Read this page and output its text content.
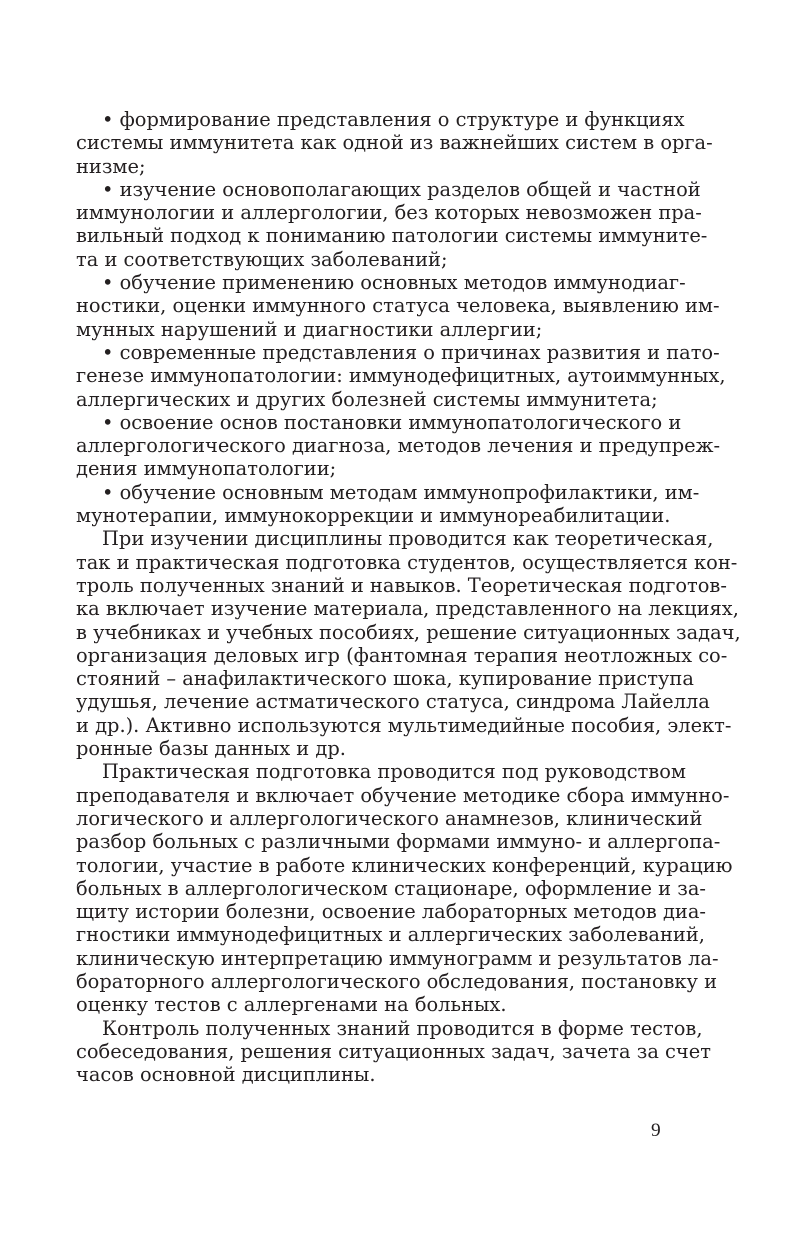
• формирование представления о структуре и функциях
системы иммунитета как одной из важнейших систем в орга-
низме;
• изучение основополагающих разделов общей и частной
иммунологии и аллергологии, без которых невозможен пра-
вильный подход к пониманию патологии системы иммунитe-
та и соответствующих заболеваний;
• обучение применению основных методов иммунодиаг-
ностики, оценки иммунного статуса человека, выявлению им-
мунных нарушений и диагностики аллергии;
• современные представления о причинах развития и пато-
генезе иммунопатологии: иммунодефицитных, аутоиммунных,
аллергических и других болезней системы иммунитета;
• освоение основ постановки иммунопатологического и
аллергологического диагноза, методов лечения и предупреж-
дения иммунопатологии;
• обучение основным методам иммунопрофилактики, им-
мунотерапии, иммунокоррекции и иммунореабилитации.
При изучении дисциплины проводится как теоретическая,
так и практическая подготовка студентов, осуществляется кон-
троль полученных знаний и навыков. Теоретическая подготов-
ка включает изучение материала, представленного на лекциях,
в учебниках и учебных пособиях, решение ситуационных задач,
организация деловых игр (фантомная терапия неотложных со-
стояний – анафилактического шока, купирование приступа
удушья, лечение астматического статуса, синдрома Лайелла
и др.). Активно используются мультимедийные пособия, элект-
ронные базы данных и др.
Практическая подготовка проводится под руководством
преподавателя и включает обучение методике сбора иммунно-
логического и аллергологического анамнезов, клинический
разбор больных с различными формами иммуно- и аллергопа-
тологии, участие в работе клинических конференций, курацию
больных в аллергологическом стационаре, оформление и за-
щиту истории болезни, освоение лабораторных методов диа-
гностики иммунодефицитных и аллергических заболеваний,
клиническую интерпретацию иммунограмм и результатов ла-
бораторного аллергологического обследования, постановку и
оценку тестов с аллергенами на больных.
Контроль полученных знаний проводится в форме тестов,
собеседования, решения ситуационных задач, зачета за счет
часов основной дисциплины.
9
